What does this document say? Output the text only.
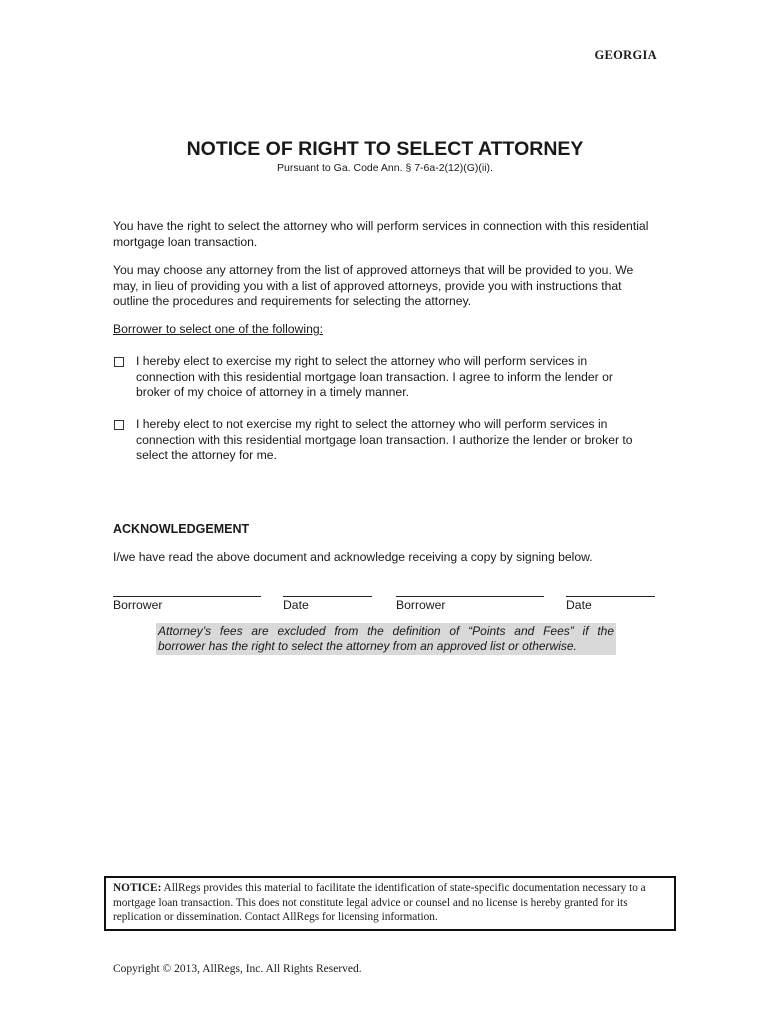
GEORGIA
NOTICE OF RIGHT TO SELECT ATTORNEY
Pursuant to Ga. Code Ann. § 7-6a-2(12)(G)(ii).
You have the right to select the attorney who will perform services in connection with this residential mortgage loan transaction.
You may choose any attorney from the list of approved attorneys that will be provided to you. We may, in lieu of providing you with a list of approved attorneys, provide you with instructions that outline the procedures and requirements for selecting the attorney.
Borrower to select one of the following:
I hereby elect to exercise my right to select the attorney who will perform services in connection with this residential mortgage loan transaction. I agree to inform the lender or broker of my choice of attorney in a timely manner.
I hereby elect to not exercise my right to select the attorney who will perform services in connection with this residential mortgage loan transaction. I authorize the lender or broker to select the attorney for me.
ACKNOWLEDGEMENT
I/we have read the above document and acknowledge receiving a copy by signing below.
Borrower	Date	Borrower	Date
Attorney’s fees are excluded from the definition of “Points and Fees” if the
borrower has the right to select the attorney from an approved list or otherwise.
NOTICE: AllRegs provides this material to facilitate the identification of state-specific documentation necessary to a mortgage loan transaction. This does not constitute legal advice or counsel and no license is hereby granted for its replication or dissemination. Contact AllRegs for licensing information.
Copyright © 2013, AllRegs, Inc. All Rights Reserved.
